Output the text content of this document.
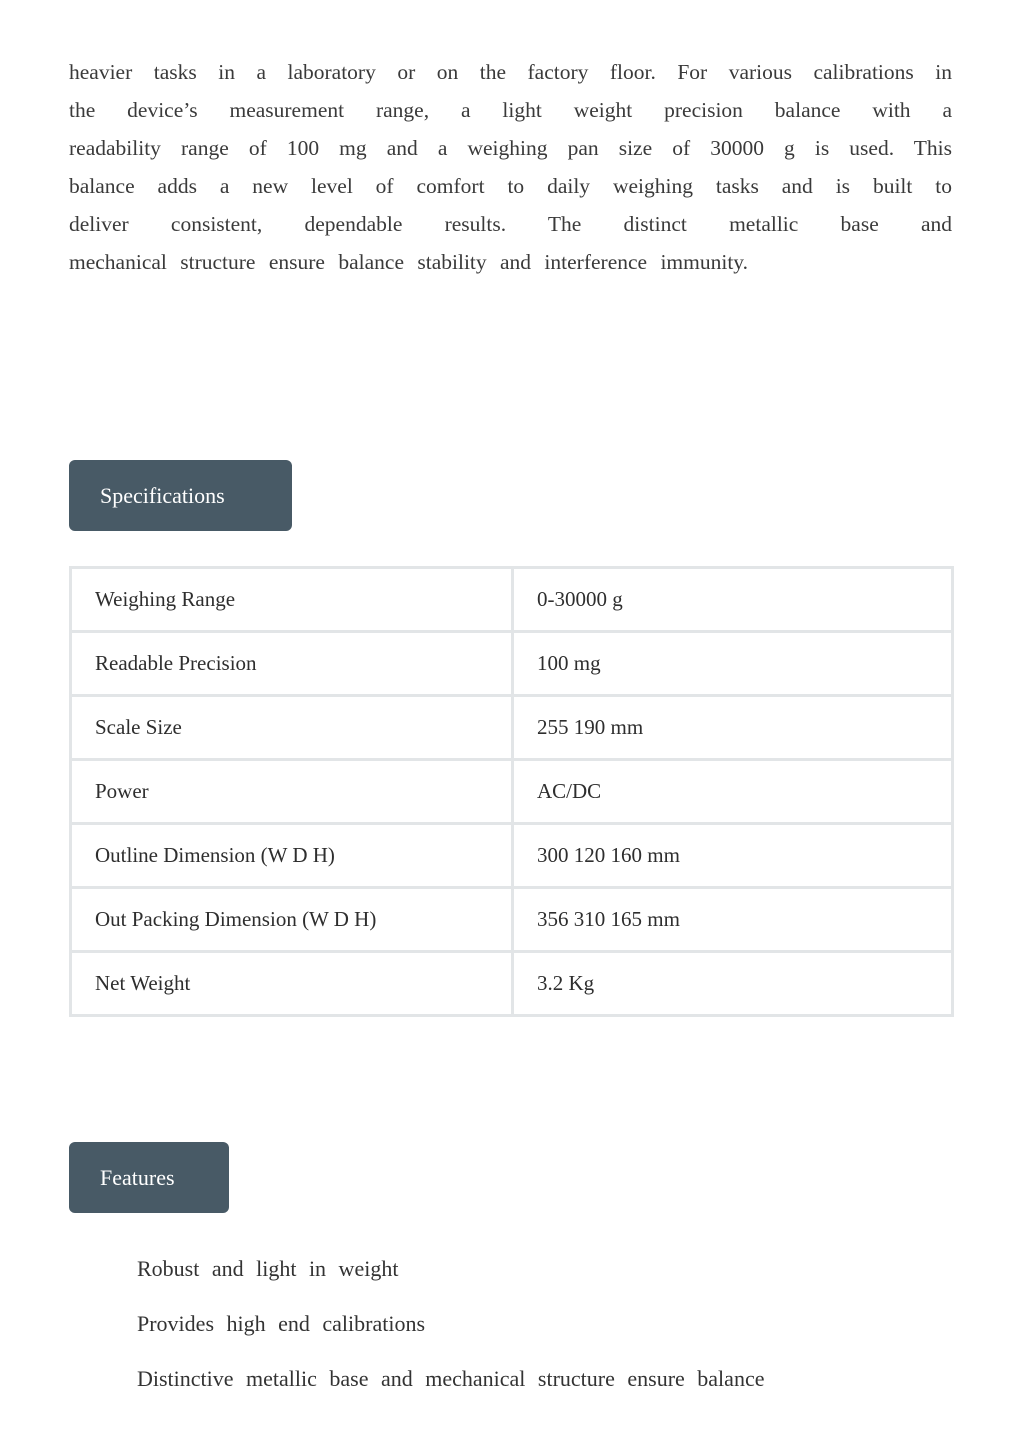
heavier tasks in a laboratory or on the factory floor. For various calibrations in
the device’s measurement range, a light weight precision balance with a
readability range of 100 mg and a weighing pan size of 30000 g is used. This
balance adds a new level of comfort to daily weighing tasks and is built to
deliver consistent, dependable results. The distinct metallic base and
mechanical structure ensure balance stability and interference immunity.
Specifications
Weighing Range	0-30000 g
Readable Precision	100 mg
Scale Size	255 190 mm
Power	AC/DC
Outline Dimension (W D H)	300 120 160 mm
Out Packing Dimension (W D H)	356 310 165 mm
Net Weight	3.2 Kg
Features
Robust and light in weight
Provides high end calibrations
Distinctive metallic base and mechanical structure ensure balance
